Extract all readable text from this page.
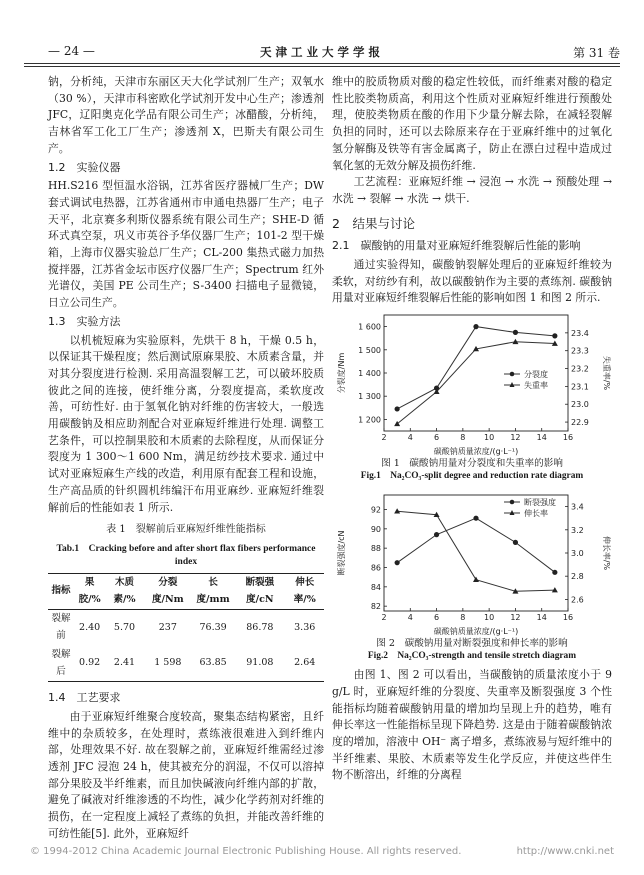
— 24 —	天津工业大学学报	第 31 卷

钠，分析纯，天津市东丽区天大化学试剂厂生产；双氧水（30 %），天津市科密欧化学试剂开发中心生产；渗透剂 JFC，辽阳奥克化学品有限公司生产；冰醋酸，分析纯，吉林省军工化工厂生产；渗透剂 X，巴斯夫有限公司生产。

1.2　实验仪器

HH.S216 型恒温水浴锅，江苏省医疗器械厂生产；DW 套式调试电热器，江苏省通州市申通电热器厂生产；电子天平，北京赛多利斯仪器系统有限公司生产；SHE-D 循环式真空泵，巩义市英谷予华仪器厂生产；101-2 型干燥箱，上海市仪器实验总厂生产；CL-200 集热式磁力加热搅拌器，江苏省金坛市医疗仪器厂生产；Spectrum 红外光谱仪，美国 PE 公司生产；S-3400 扫描电子显微镜，日立公司生产。

1.3　实验方法

以机梳短麻为实验原料，先烘干 8 h，干燥 0.5 h，以保证其干燥程度；然后测试原麻果胶、木质素含量，并对其分裂度进行检测. 采用高温裂解工艺，可以破坏胶质彼此之间的连接，使纤维分离，分裂度提高，柔软度改善，可纺性好. 由于氢氧化钠对纤维的伤害较大，一般选用碳酸钠及相应助剂配合对亚麻短纤维进行处理. 调整工艺条件，可以控制果胶和木质素的去除程度，从而保证分裂度为 1 300～1 600 Nm，满足纺纱技术要求. 通过中试对亚麻短麻生产线的改造，利用原有配套工程和设施，生产高品质的针织圆机纬编汗布用亚麻纱. 亚麻短纤维裂解前后的性能如表 1 所示.

表 1　裂解前后亚麻短纤维性能指标
Tab.1　Cracking before and after short flax fibers performance index
指标	果胶/%	木质素/%	分裂度/Nm	长度/mm	断裂强度/cN	伸长率/%
裂解前	2.40	5.70	237	76.39	86.78	3.36
裂解后	0.92	2.41	1 598	63.85	91.08	2.64
1.4　工艺要求

由于亚麻短纤维聚合度较高，聚集态结构紧密，且纤维中的杂质较多，在处理时，煮练液很难进入到纤维内部，处理效果不好. 故在裂解之前，亚麻短纤维需经过渗透剂 JFC 浸泡 24 h，使其被充分的润湿，不仅可以溶掉部分果胶及半纤维素，而且加快碱液向纤维内部的扩散，避免了碱液对纤维渗透的不均性，减少化学药剂对纤维的损伤，在一定程度上减轻了煮练的负担，并能改善纤维的可纺性能[5]. 此外，亚麻短纤

维中的胶质物质对酸的稳定性较低，而纤维素对酸的稳定性比胶类物质高，利用这个性质对亚麻短纤维进行预酸处理，使胶类物质在酸的作用下少量分解去除，在减轻裂解负担的同时，还可以去除原来存在于亚麻纤维中的过氧化氢分解酶及铁等有害金属离子，防止在漂白过程中造成过氧化氢的无效分解及损伤纤维.

工艺流程：亚麻短纤维 → 浸泡 → 水洗 → 预酸处理 → 水洗 → 裂解 → 水洗 → 烘干.

2　结果与讨论
2.1　碳酸钠的用量对亚麻短纤维裂解后性能的影响

通过实验得知，碳酸钠裂解处理后的亚麻短纤维较为柔软，对纺纱有利，故以碳酸钠作为主要的煮练剂. 碳酸钠用量对亚麻短纤维裂解后性能的影响如图 1 和图 2 所示.

2	4	6	8 10 12 14 16
1 200
1 300
1 400
1 500
1 600
22.9
23.0
23.1
23.2
23.3
23.4
碳酸钠质量浓度/(g·L⁻¹)
分裂度/Nm	失重率/%
分裂度
失重率
图 1　碳酸钠用量对分裂度和失重率的影响
Fig.1　Na₂CO₃-split degree and reduction rate diagram
2	4	6	8 10 12 14 16
82
84
86
88
90
92
2.6
2.8
3.0
3.2
3.4
碳酸钠质量浓度/(g·L⁻¹)
断裂强度/cN	伸长率/%
断裂强度
伸长率
图 2　碳酸钠用量对断裂强度和伸长率的影响
Fig.2　Na₂CO₃-strength and tensile stretch diagram

由图 1、图 2 可以看出，当碳酸钠的质量浓度小于 9 g/L 时，亚麻短纤维的分裂度、失重率及断裂强度 3 个性能指标均随着碳酸钠用量的增加均呈现上升的趋势，唯有伸长率这一性能指标呈现下降趋势. 这是由于随着碳酸钠浓度的增加，溶液中 OH⁻ 离子增多，煮练液易与短纤维中的半纤维素、果胶、木质素等发生化学反应，并使这些伴生物不断溶出，纤维的分离程

© 1994-2012 China Academic Journal Electronic Publishing House. All rights reserved.	http://www.cnki.net
